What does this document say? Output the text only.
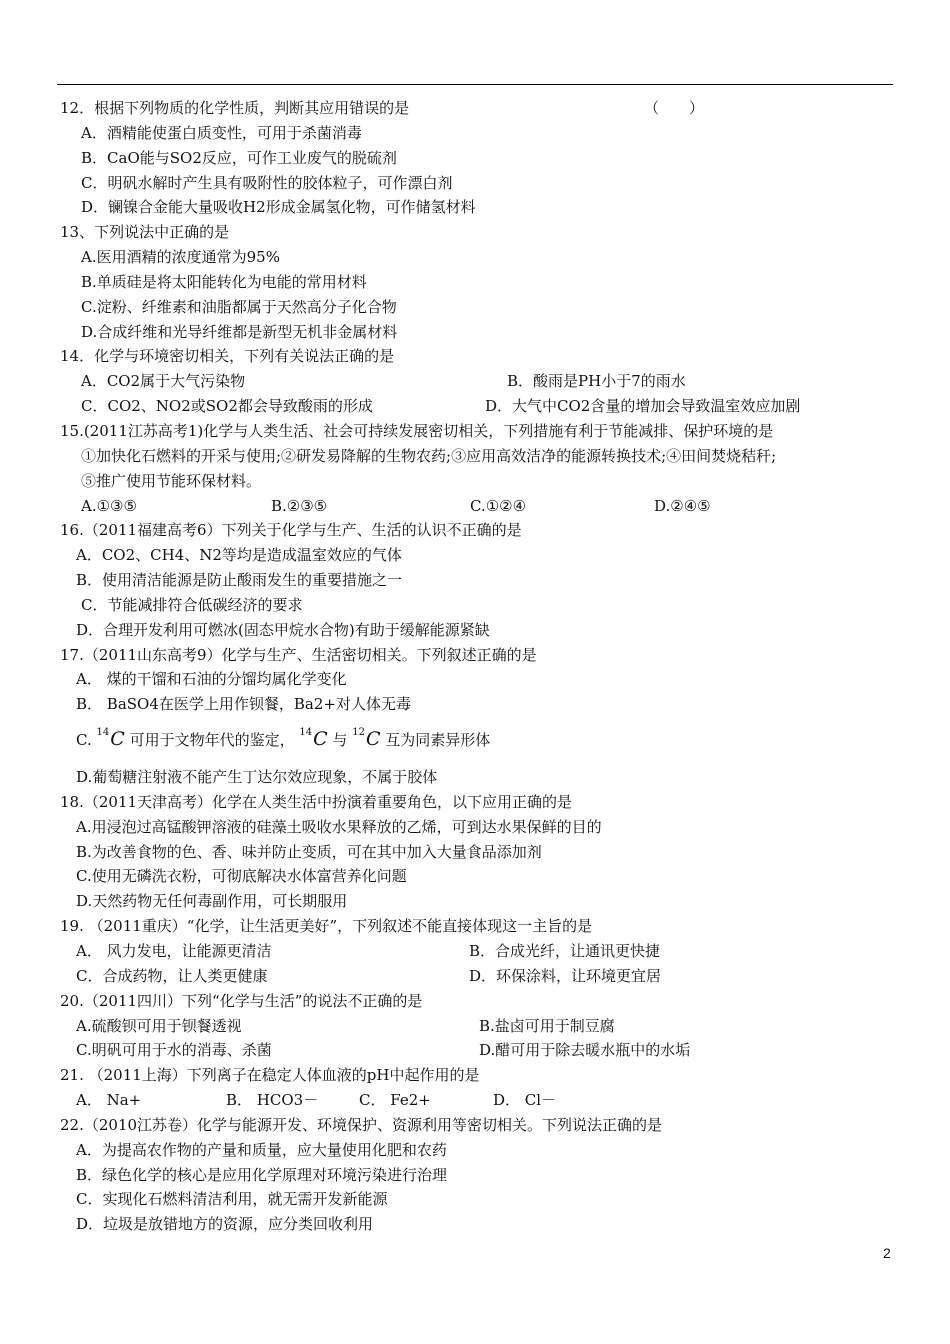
12．根据下列物质的化学性质，判断其应用错误的是	（　　）
A．酒精能使蛋白质变性，可用于杀菌消毒
B．CaO能与SO2反应，可作工业废气的脱硫剂
C．明矾水解时产生具有吸附性的胶体粒子，可作漂白剂
D．镧镍合金能大量吸收H2形成金属氢化物，可作储氢材料
13、下列说法中正确的是
A.医用酒精的浓度通常为95%
B.单质硅是将太阳能转化为电能的常用材料
C.淀粉、纤维素和油脂都属于天然高分子化合物
D.合成纤维和光导纤维都是新型无机非金属材料
14．化学与环境密切相关，下列有关说法正确的是
A．CO2属于大气污染物	B．酸雨是PH小于7的雨水
C．CO2、NO2或SO2都会导致酸雨的形成	D．大气中CO2含量的增加会导致温室效应加剧
15.(2011江苏高考1)化学与人类生活、社会可持续发展密切相关，下列措施有利于节能减排、保护环境的是
①加快化石燃料的开采与使用;②研发易降解的生物农药;③应用高效洁净的能源转换技术;④田间焚烧秸秆;
⑤推广使用节能环保材料。
A.①③⑤	B.②③⑤	C.①②④	D.②④⑤
16.（2011福建高考6）下列关于化学与生产、生活的认识不正确的是
A．CO2、CH4、N2等均是造成温室效应的气体
B．使用清洁能源是防止酸雨发生的重要措施之一
C．节能减排符合低碳经济的要求
D．合理开发利用可燃冰(固态甲烷水合物)有助于缓解能源紧缺
17.（2011山东高考9）化学与生产、生活密切相关。下列叙述正确的是
A． 煤的干馏和石油的分馏均属化学变化
B． BaSO4在医学上用作钡餐，Ba2+对人体无毒
C. $^{14}$C 可用于文物年代的鉴定， $^{14}$C 与 $^{12}$C 互为同素异形体
D.葡萄糖注射液不能产生丁达尔效应现象，不属于胶体
18.（2011天津高考）化学在人类生活中扮演着重要角色，以下应用正确的是
A.用浸泡过高锰酸钾溶液的硅藻土吸收水果释放的乙烯，可到达水果保鲜的目的
B.为改善食物的色、香、味并防止变质，可在其中加入大量食品添加剂
C.使用无磷洗衣粉，可彻底解决水体富营养化问题
D.天然药物无任何毒副作用，可长期服用
19. （2011重庆）“化学，让生活更美好”，下列叙述不能直接体现这一主旨的是
A． 风力发电，让能源更清洁	B．合成光纤，让通讯更快捷
C．合成药物，让人类更健康	D．环保涂料，让环境更宜居
20.（2011四川）下列“化学与生活”的说法不正确的是
A.硫酸钡可用于钡餐透视	B.盐卤可用于制豆腐
C.明矾可用于水的消毒、杀菌	D.醋可用于除去暖水瓶中的水垢
21. （2011上海）下列离子在稳定人体血液的pH中起作用的是
A． Na+	B． HCO3－	C． Fe2+	D． Cl－
22.（2010江苏卷）化学与能源开发、环境保护、资源利用等密切相关。下列说法正确的是
A．为提高农作物的产量和质量，应大量使用化肥和农药
B．绿色化学的核心是应用化学原理对环境污染进行治理
C．实现化石燃料清洁利用，就无需开发新能源
D．垃圾是放错地方的资源，应分类回收利用
2
